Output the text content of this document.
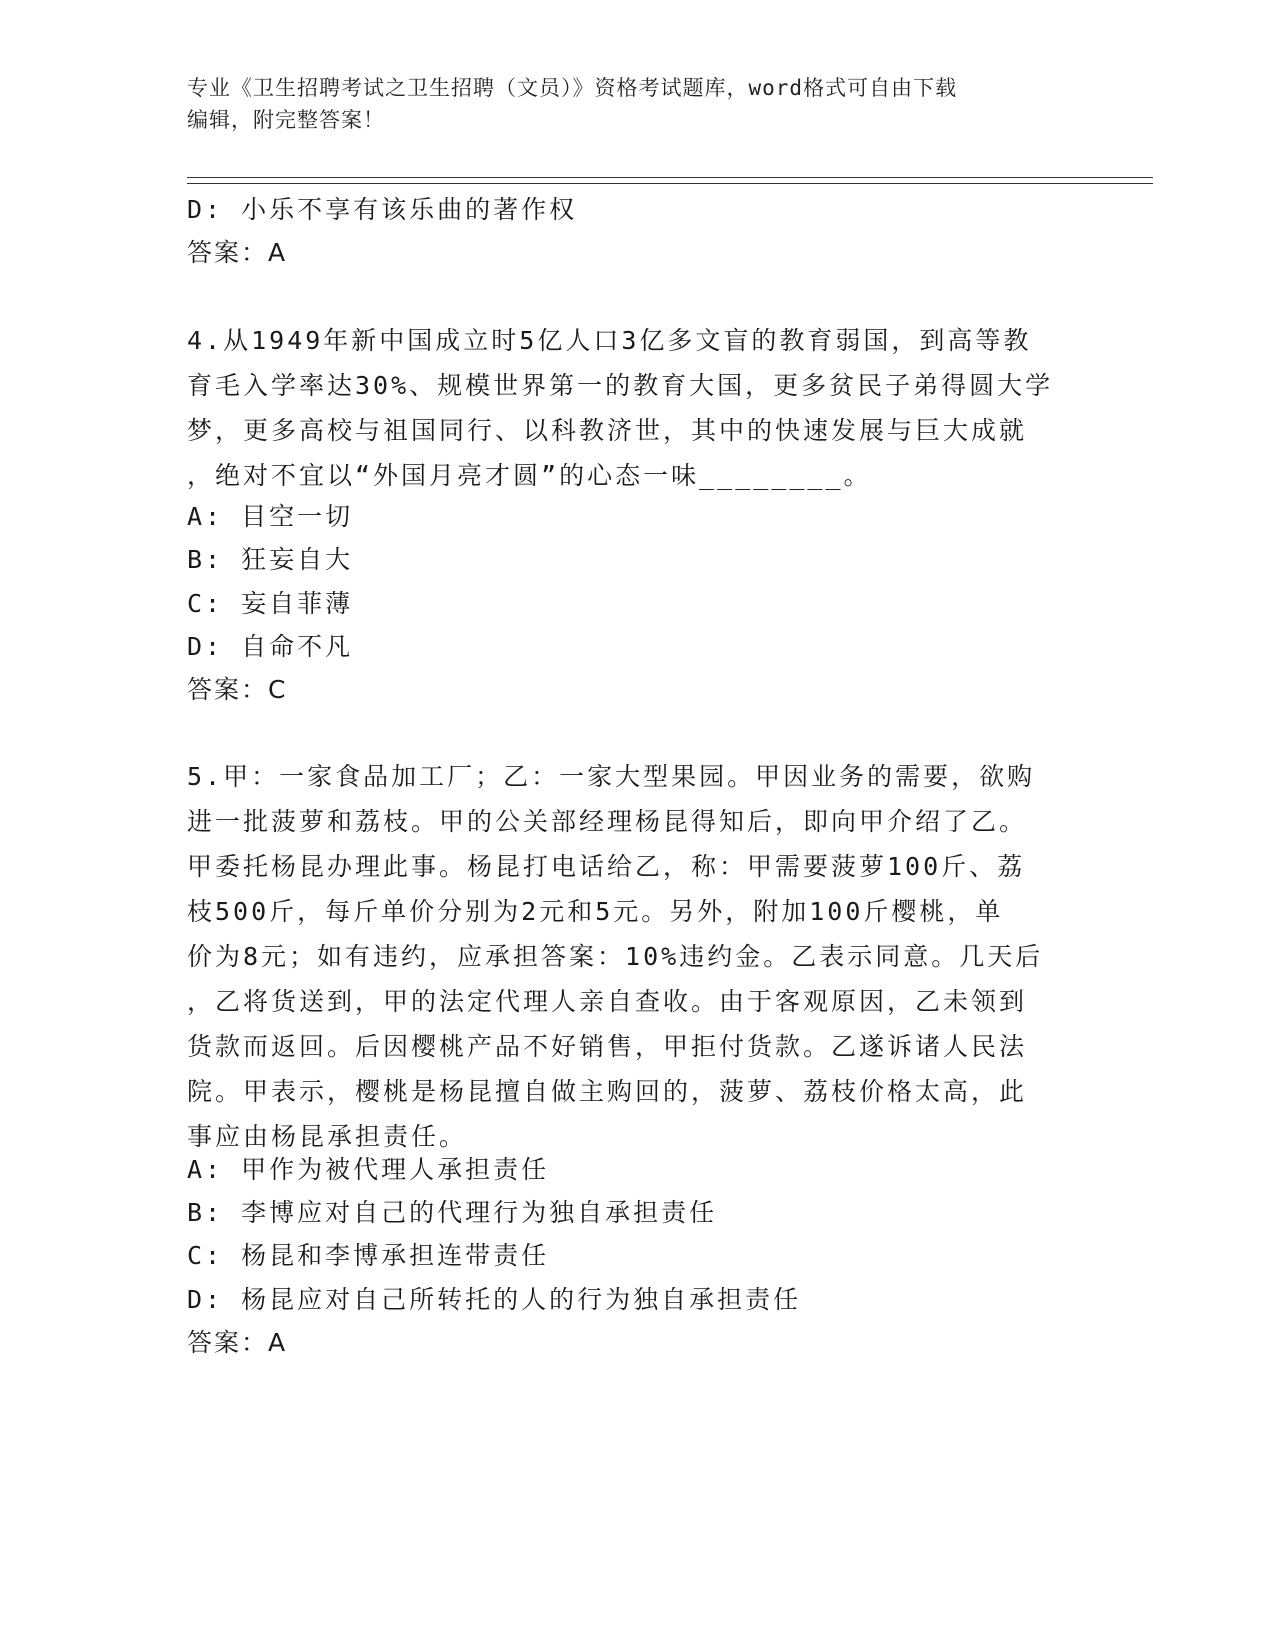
专业《卫生招聘考试之卫生招聘（文员）》资格考试题库，word格式可自由下载
编辑，附完整答案！
D: 小乐不享有该乐曲的著作权
答案：A
4.从1949年新中国成立时5亿人口3亿多文盲的教育弱国，到高等教
育毛入学率达30%、规模世界第一的教育大国，更多贫民子弟得圆大学
梦，更多高校与祖国同行、以科教济世，其中的快速发展与巨大成就
，绝对不宜以“外国月亮才圆”的心态一味________。
A: 目空一切
B: 狂妄自大
C: 妄自菲薄
D: 自命不凡
答案：C
5.甲：一家食品加工厂；乙：一家大型果园。甲因业务的需要，欲购
进一批菠萝和荔枝。甲的公关部经理杨昆得知后，即向甲介绍了乙。
甲委托杨昆办理此事。杨昆打电话给乙，称：甲需要菠萝100斤、荔
枝500斤，每斤单价分别为2元和5元。另外，附加100斤樱桃，单
价为8元；如有违约，应承担答案：10%违约金。乙表示同意。几天后
，乙将货送到，甲的法定代理人亲自查收。由于客观原因，乙未领到
货款而返回。后因樱桃产品不好销售，甲拒付货款。乙遂诉诸人民法
院。甲表示，樱桃是杨昆擅自做主购回的，菠萝、荔枝价格太高，此
事应由杨昆承担责任。
A: 甲作为被代理人承担责任
B: 李博应对自己的代理行为独自承担责任
C: 杨昆和李博承担连带责任
D: 杨昆应对自己所转托的人的行为独自承担责任
答案：A
